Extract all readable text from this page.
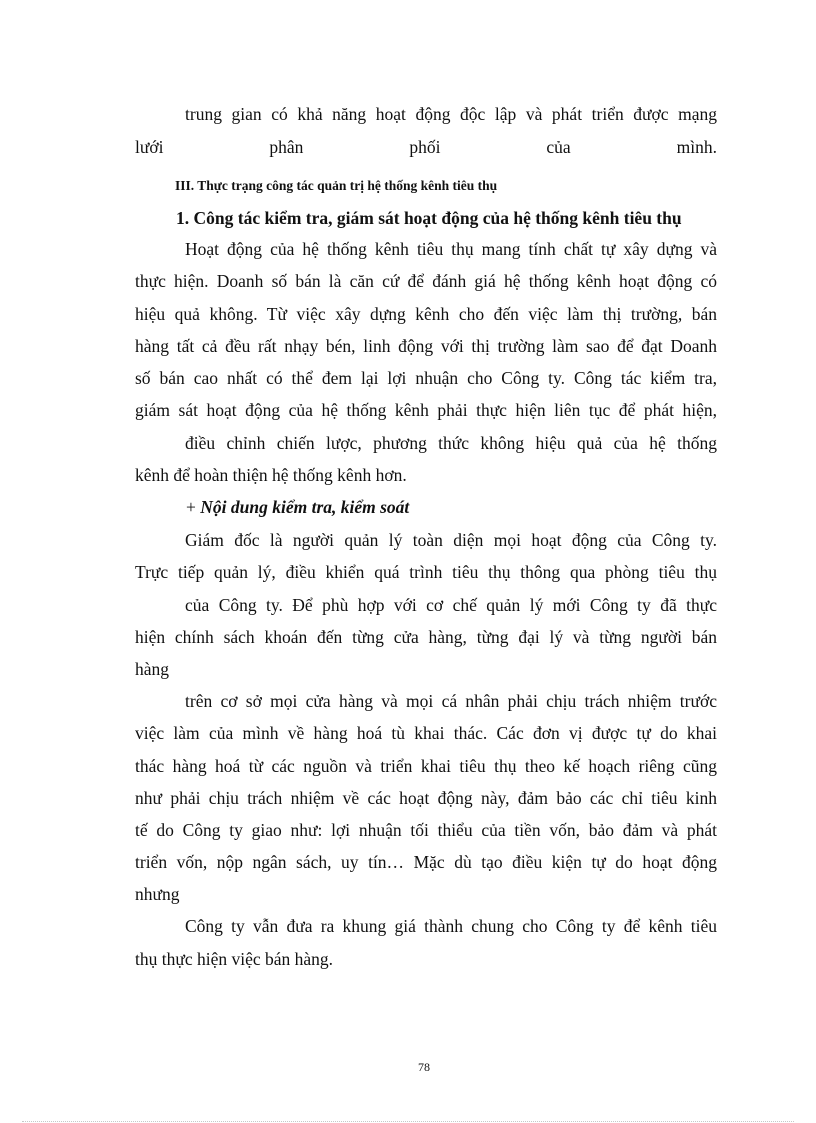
trung gian có khả năng hoạt động độc lập và phát triển được mạng
lưới phân phối của mình.
III. Thực trạng công tác quản trị hệ thống kênh tiêu thụ
1. Công tác kiểm tra, giám sát hoạt động của hệ thống kênh tiêu thụ
Hoạt động của hệ thống kênh tiêu thụ mang tính chất tự xây dựng và
thực hiện. Doanh số bán là căn cứ để đánh giá hệ thống kênh hoạt động có
hiệu quả không. Từ việc xây dựng kênh cho đến việc làm thị trường, bán
hàng tất cả đều rất nhạy bén, linh động với thị trường làm sao để đạt Doanh
số bán cao nhất có thể đem lại lợi nhuận cho Công ty. Công tác kiểm tra,
giám sát hoạt động của hệ thống kênh phải thực hiện liên tục để phát hiện,
điều chỉnh chiến lược, phương thức không hiệu quả của hệ thống
kênh để hoàn thiện hệ thống kênh hơn.
+ Nội dung kiểm tra, kiểm soát
Giám đốc là người quản lý toàn diện mọi hoạt động của Công ty.
Trực tiếp quản lý, điều khiển quá trình tiêu thụ thông qua phòng tiêu thụ
của Công ty. Để phù hợp với cơ chế quản lý mới Công ty đã thực
hiện chính sách khoán đến từng cửa hàng, từng đại lý và từng người bán
hàng
trên cơ sở mọi cửa hàng và mọi cá nhân phải chịu trách nhiệm trước
việc làm của mình về hàng hoá tù khai thác. Các đơn vị được tự do khai
thác hàng hoá từ các nguồn và triển khai tiêu thụ theo kế hoạch riêng cũng
như phải chịu trách nhiệm về các hoạt động này, đảm bảo các chỉ tiêu kinh
tế do Công ty giao như: lợi nhuận tối thiểu của tiền vốn, bảo đảm và phát
triển vốn, nộp ngân sách, uy tín… Mặc dù tạo điều kiện tự do hoạt động
nhưng
Công ty vẫn đưa ra khung giá thành chung cho Công ty để kênh tiêu
thụ thực hiện việc bán hàng.
78
